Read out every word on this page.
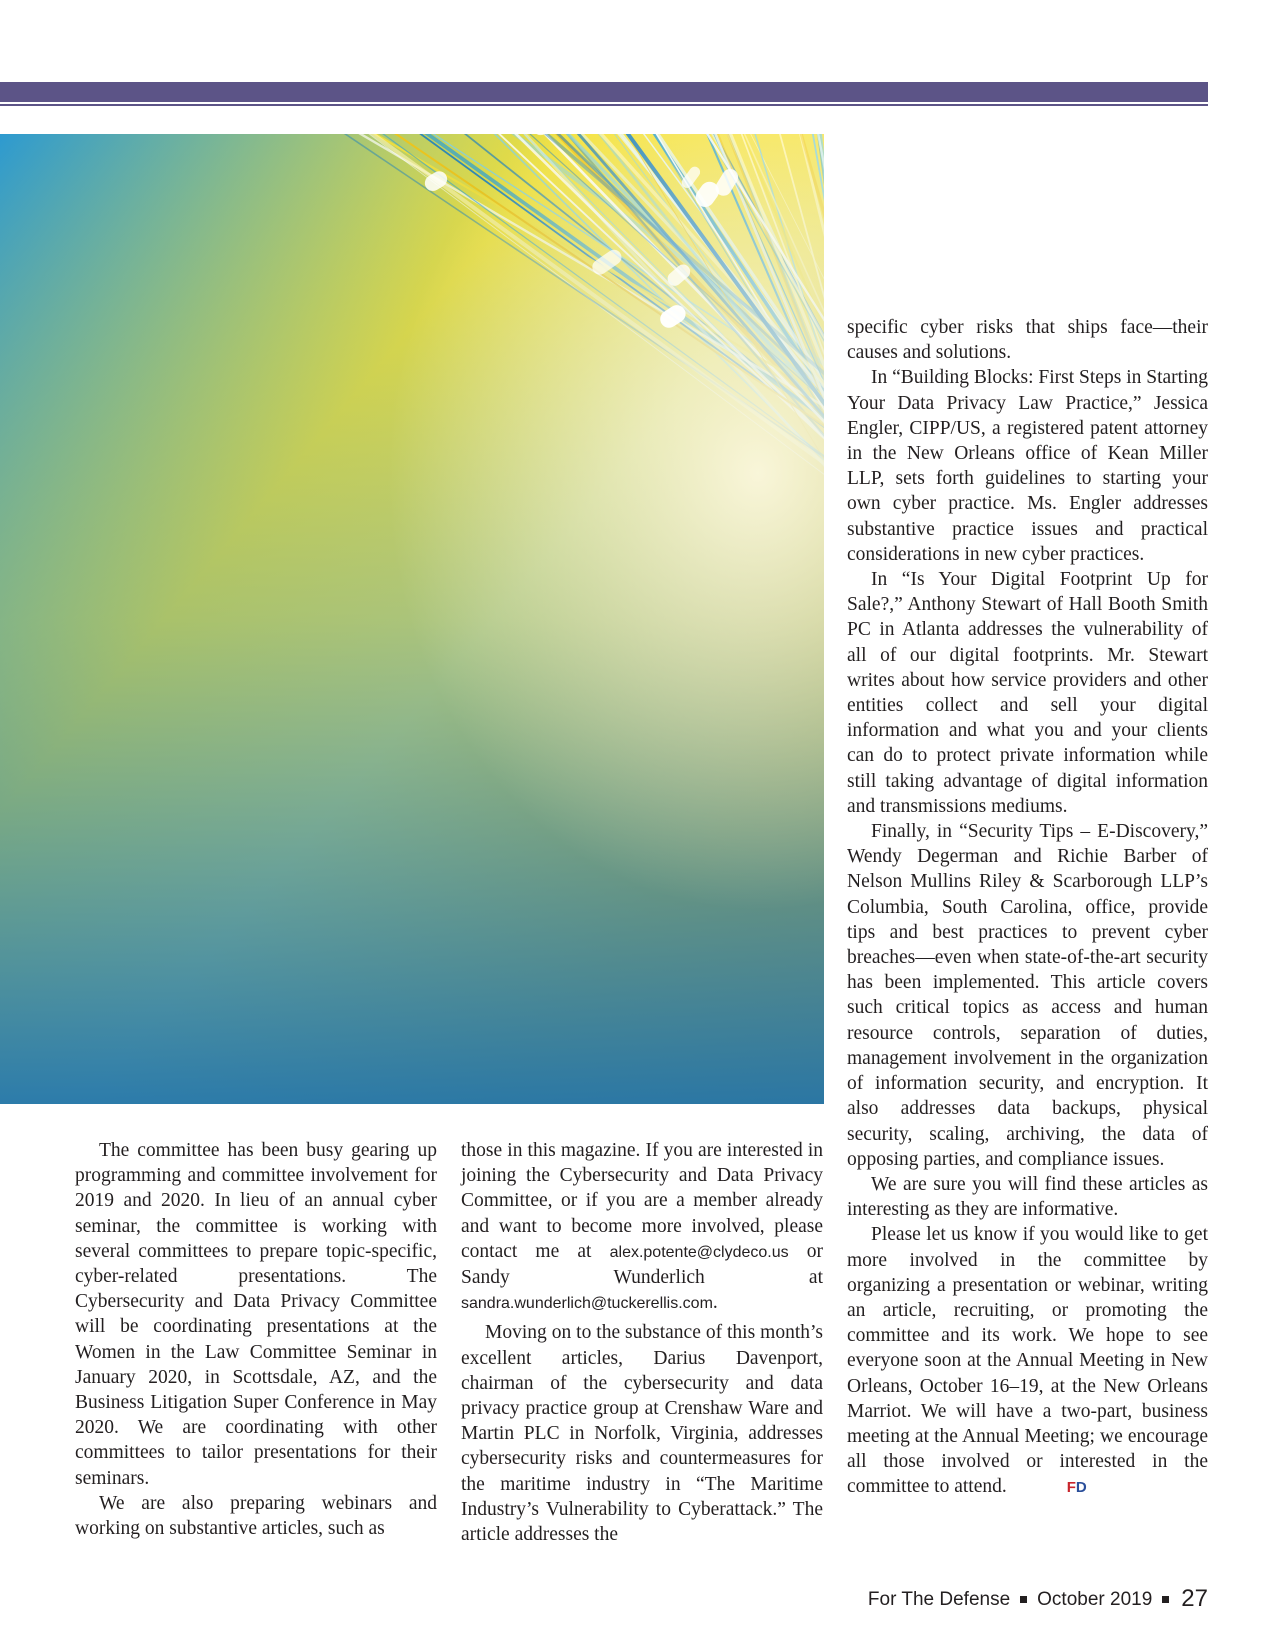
The committee has been busy gearing up programming and committee involvement for 2019 and 2020. In lieu of an annual cyber seminar, the committee is working with several committees to prepare topic-specific, cyber-related presentations. The Cybersecurity and Data Privacy Committee will be coordinating presentations at the Women in the Law Committee Seminar in January 2020, in Scottsdale, AZ, and the Business Litigation Super Conference in May 2020. We are coordinating with other committees to tailor presentations for their seminars.

We are also preparing webinars and working on substantive articles, such as

those in this magazine. If you are interested in joining the Cybersecurity and Data Privacy Committee, or if you are a member already and want to become more involved, please contact me at alex.potente@clydeco.us or Sandy Wunderlich at sandra.wunderlich@tuckerellis.com.

Moving on to the substance of this month’s excellent articles, Darius Davenport, chairman of the cybersecurity and data privacy practice group at Crenshaw Ware and Martin PLC in Norfolk, Virginia, addresses cybersecurity risks and countermeasures for the maritime industry in “The Maritime Industry’s Vulnerability to Cyberattack.” The article addresses the

specific cyber risks that ships face—their causes and solutions.

In “Building Blocks: First Steps in Starting Your Data Privacy Law Practice,” Jessica Engler, CIPP/US, a registered patent attorney in the New Orleans office of Kean Miller LLP, sets forth guidelines to starting your own cyber practice. Ms. Engler addresses substantive practice issues and practical considerations in new cyber practices.

In “Is Your Digital Footprint Up for Sale?,” Anthony Stewart of Hall Booth Smith PC in Atlanta addresses the vulnerability of all of our digital footprints. Mr. Stewart writes about how service providers and other entities collect and sell your digital information and what you and your clients can do to protect private information while still taking advantage of digital information and transmissions mediums.

Finally, in “Security Tips – E-Discovery,” Wendy Degerman and Richie Barber of Nelson Mullins Riley & Scarborough LLP’s Columbia, South Carolina, office, provide tips and best practices to prevent cyber breaches—even when state-of-the-art security has been implemented. This article covers such critical topics as access and human resource controls, separation of duties, management involvement in the organization of information security, and encryption. It also addresses data backups, physical security, scaling, archiving, the data of opposing parties, and compliance issues.

We are sure you will find these articles as interesting as they are informative.

Please let us know if you would like to get more involved in the committee by organizing a presentation or webinar, writing an article, recruiting, or promoting the committee and its work. We hope to see everyone soon at the Annual Meeting in New Orleans, October 16–19, at the New Orleans Marriot. We will have a two-part, business meeting at the Annual Meeting; we encourage all those involved or interested in the committee to attend.	FD

For The Defense October 2019 27
